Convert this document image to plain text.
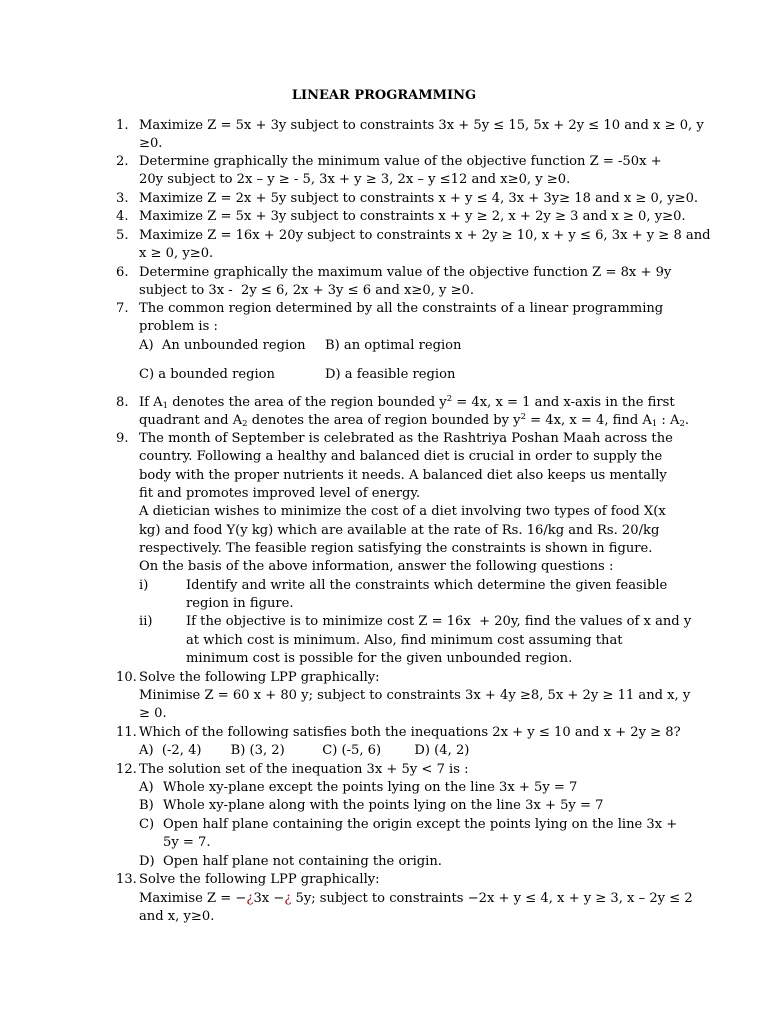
LINEAR PROGRAMMING
1. Maximize Z = 5x + 3y subject to constraints 3x + 5y ≤ 15, 5x + 2y ≤ 10 and x ≥ 0, y
≥0.
2. Determine graphically the minimum value of the objective function Z = -50x +
20y subject to 2x – y ≥ - 5, 3x + y ≥ 3, 2x – y ≤12 and x≥0, y ≥0.
3. Maximize Z = 2x + 5y subject to constraints x + y ≤ 4, 3x + 3y≥ 18 and x ≥ 0, y≥0.
4. Maximize Z = 5x + 3y subject to constraints x + y ≥ 2, x + 2y ≥ 3 and x ≥ 0, y≥0.
5. Maximize Z = 16x + 20y subject to constraints x + 2y ≥ 10, x + y ≤ 6, 3x + y ≥ 8 and
x ≥ 0, y≥0.
6. Determine graphically the maximum value of the objective function Z = 8x + 9y
subject to 3x -  2y ≤ 6, 2x + 3y ≤ 6 and x≥0, y ≥0.
7. The common region determined by all the constraints of a linear programming
problem is :
A)  An unbounded region B) an optimal region
C) a bounded region	D) a feasible region
8. If $A_1$ denotes the area of the region bounded $y^2 = 4x$, x = 1 and x-axis in the first
quadrant and $A_2$ denotes the area of region bounded by $y^2 = 4x$, x = 4, find $A_1$ : $A_2$.
9. The month of September is celebrated as the Rashtriya Poshan Maah across the
country. Following a healthy and balanced diet is crucial in order to supply the
body with the proper nutrients it needs. A balanced diet also keeps us mentally
fit and promotes improved level of energy.
A dietician wishes to minimize the cost of a diet involving two types of food X(x
kg) and food Y(y kg) which are available at the rate of Rs. 16/kg and Rs. 20/kg
respectively. The feasible region satisfying the constraints is shown in figure.
On the basis of the above information, answer the following questions :
i)	Identify and write all the constraints which determine the given feasible
region in figure.
ii)	If the objective is to minimize cost Z = 16x  + 20y, find the values of x and y
at which cost is minimum. Also, find minimum cost assuming that
minimum cost is possible for the given unbounded region.
10. Solve the following LPP graphically:
Minimise Z = 60 x + 80 y; subject to constraints 3x + 4y ≥8, 5x + 2y ≥ 11 and x, y
≥ 0.
11. Which of the following satisfies both the inequations 2x + y ≤ 10 and x + 2y ≥ 8?
A)  (-2, 4)       B) (3, 2)         C) (-5, 6)        D) (4, 2)
12. The solution set of the inequation 3x + 5y < 7 is :
A) Whole xy-plane except the points lying on the line 3x + 5y = 7
B) Whole xy-plane along with the points lying on the line 3x + 5y = 7
C) Open half plane containing the origin except the points lying on the line 3x +
5y = 7.
D) Open half plane not containing the origin.
13. Solve the following LPP graphically:
Maximise Z = −¿3x −¿ 5y; subject to constraints −2x + y ≤ 4, x + y ≥ 3, x – 2y ≤ 2
and x, y≥0.
